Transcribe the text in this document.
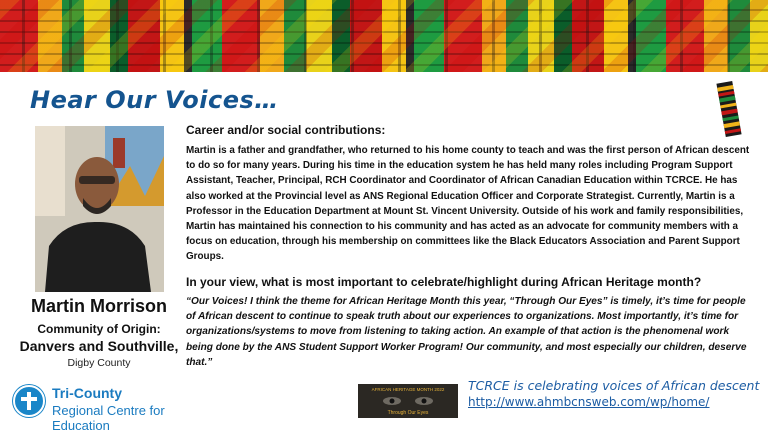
Hear Our Voices…
Martin Morrison
Community of Origin:
Danvers and Southville,
Digby County
Tri-County
Regional Centre for Education

Career and/or social contributions:

Martin is a father and grandfather, who returned to his home county to teach and was the first person of African descent to do so for many years. During his time in the education system he has held many roles including Program Support Assistant, Teacher, Principal, RCH Coordinator and Coordinator of African Canadian Education within TCRCE. He has also worked at the Provincial level as ANS Regional Education Officer and Corporate Strategist. Currently, Martin is a Professor in the Education Department at Mount St. Vincent University. Outside of his work and family responsibilities, Martin has maintained his connection to his community and has acted as an advocate for community members with a focus on education, through his membership on committees like the Black Educators Association and Parent Support Groups.

In your view, what is most important to celebrate/highlight during African Heritage month?

“Our Voices! I think the theme for African Heritage Month this year, “Through Our Eyes” is timely, it’s time for people of African descent to continue to speak truth about our experiences to organizations. Most importantly, it’s time for organizations/systems to move from listening to taking action. An example of that action is the phenomenal work being done by the ANS Student Support Worker Program! Our community, and most especially our children, deserve that.”

AFRICAN HERITAGE MONTH 2022
Through Our Eyes
TCRCE is celebrating voices of African descent
http://www.ahmbcnsweb.com/wp/home/
